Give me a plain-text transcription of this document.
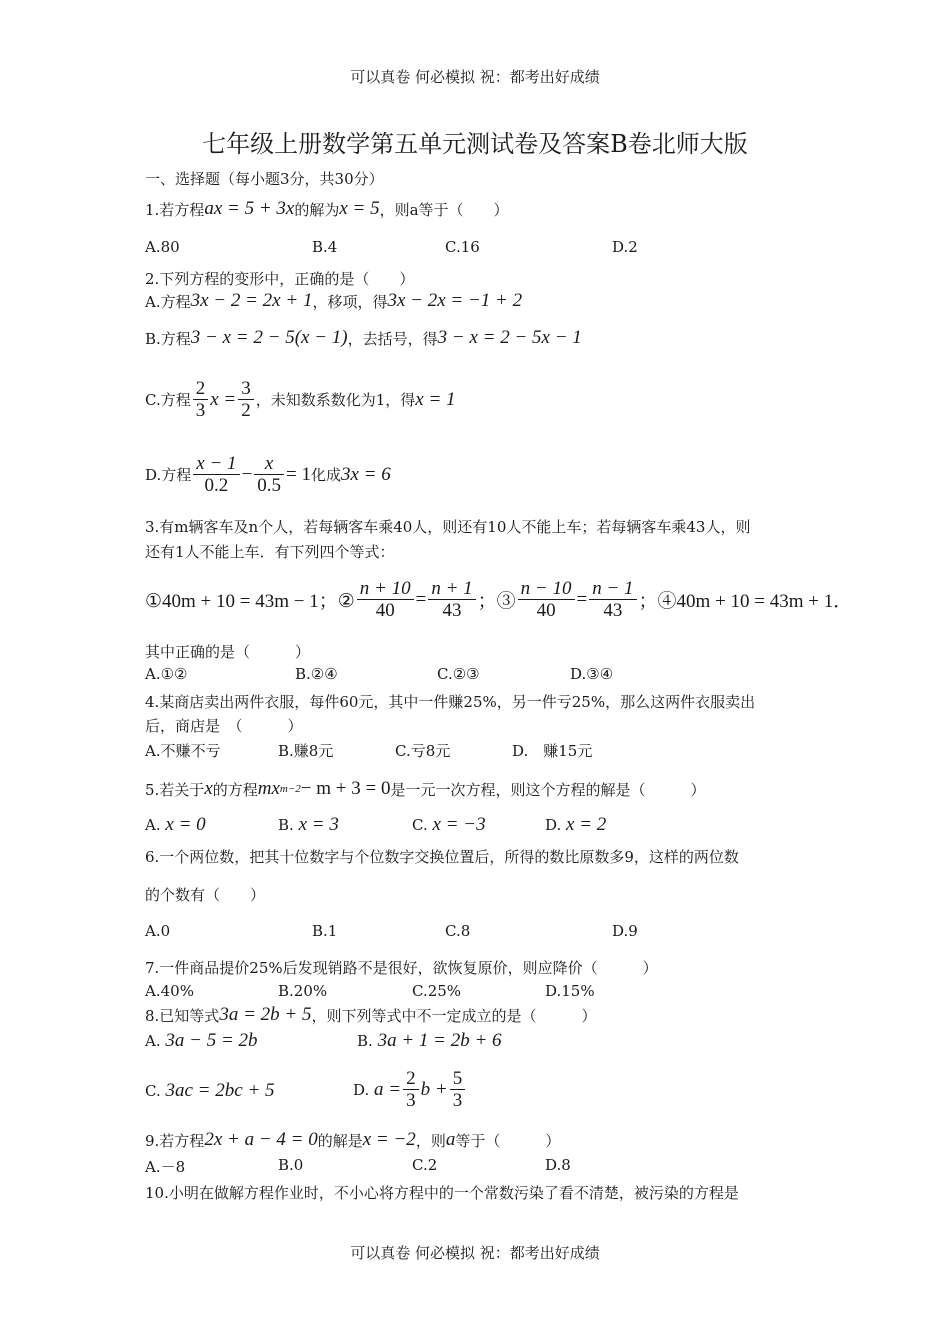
可以真卷 何必模拟 祝：都考出好成绩
七年级上册数学第五单元测试卷及答案B卷北师大版
一、选择题（每小题3分，共30分）
1.若方程 ax = 5 + 3x 的解为 x = 5 ，则a等于（　　）
A.80	B.4	C.16	D.2
2.下列方程的变形中，正确的是（　　）
A.方程 3x − 2 = 2x + 1 ，移项，得 3x − 2x = −1 + 2
B.方程 3 − x = 2 − 5(x − 1) ，去括号，得 3 − x = 2 − 5x − 1
C.方程 $\frac{2}{3}$ $x = \frac{3}{2}$ ，未知数系数化为1，得 x = 1
D.方程 $\frac{x - 1}{0.2} - \frac{x}{0.5} = 1$ 化成 3x = 6
3.有m辆客车及n个人，若每辆客车乘40人，则还有10人不能上车；若每辆客车乘43人，则
还有1人不能上车．有下列四个等式：
①40m + 10 = 43m − 1；② $\frac{n + 10}{40} = \frac{n + 1}{43}$ ；③ $\frac{n - 10}{40} = \frac{n - 1}{43}$ ；④40m + 10 = 43m + 1．
其中正确的是（　　　）
A.①②	B.②④	C.②③	D.③④
4.某商店卖出两件衣服，每件60元，其中一件赚25%，另一件亏25%，那么这两件衣服卖出
后，商店是　（　　　）
A.不赚不亏	B.赚8元	C.亏8元	D.　赚15元
5.若关于 x 的方程 mx m−2 − m + 3 = 0 是一元一次方程，则这个方程的解是（　　　）
A.
x = 0	B.
x = 3	C.
x = −3	D.
x = 2
6.一个两位数，把其十位数字与个位数字交换位置后，所得的数比原数多9，这样的两位数
的个数有（　　）
A.0	B.1	C.8	D.9
7.一件商品提价25%后发现销路不是很好，欲恢复原价，则应降价（　　　）
A.40%	B.20%	C.25%	D.15%
8.已知等式 3a = 2b + 5 ，则下列等式中不一定成立的是（　　　）
A.
3a − 5 = 2b	B.
3a + 1 = 2b + 6
C.
3ac = 2bc + 5	D.
$a = \frac{2}{3}$ $b + \frac{5}{3}$
9.若方程 2x + a − 4 = 0 的解是 x = −2 ，则 a 等于（　　　）
A.－8	B.0	C.2	D.8
10.小明在做解方程作业时，不小心将方程中的一个常数污染了看不清楚，被污染的方程是
可以真卷 何必模拟 祝：都考出好成绩
